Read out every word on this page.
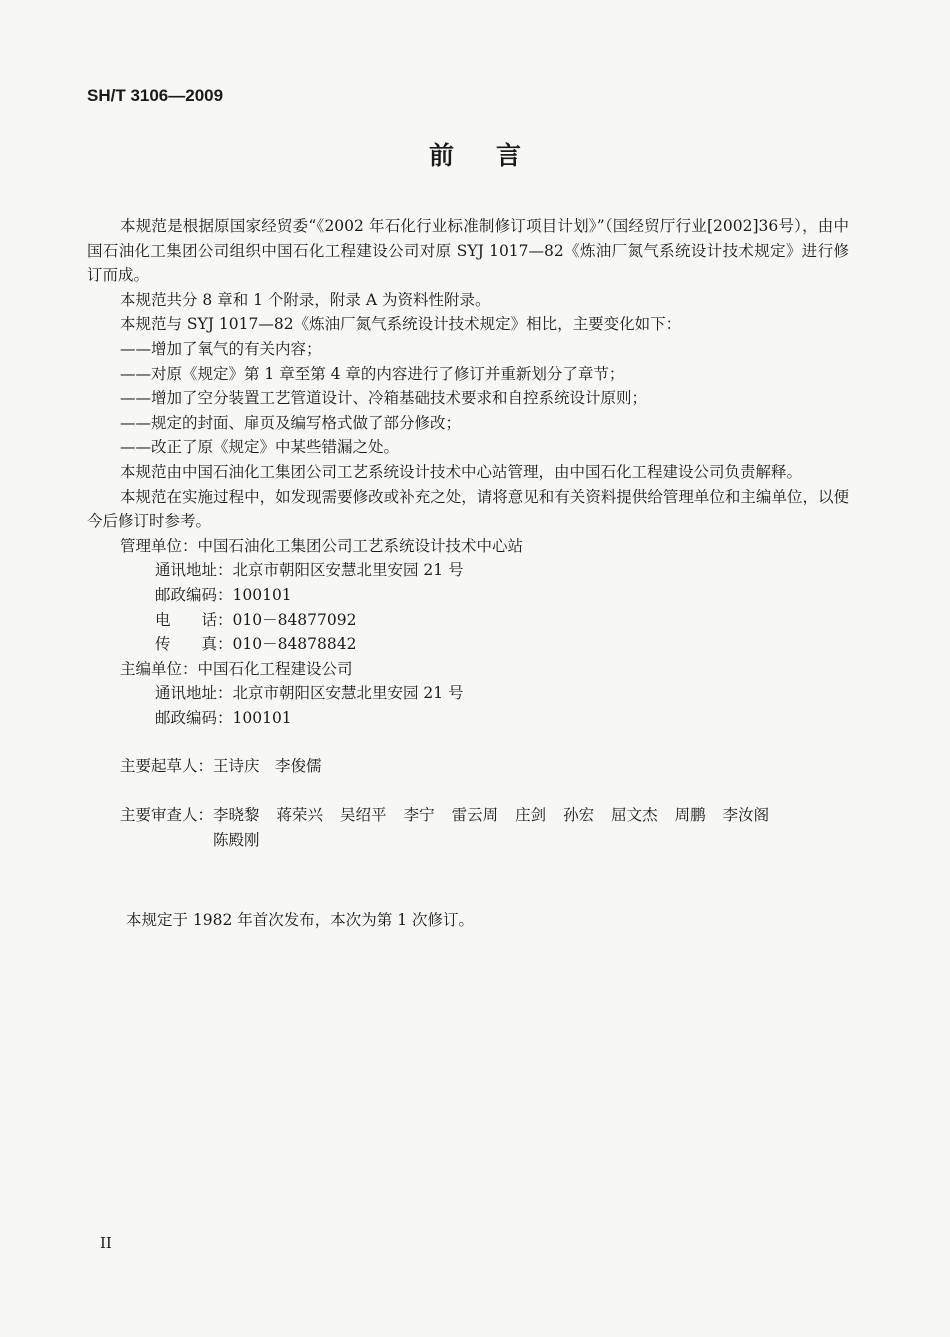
SH/T 3106—2009
前言

本规范是根据原国家经贸委“《2002 年石化行业标准制修订项目计划》”（国经贸厅行业[2002]36号），由中国石油化工集团公司组织中国石化工程建设公司对原 SYJ 1017—82《炼油厂氮气系统设计技术规定》进行修订而成。

本规范共分 8 章和 1 个附录，附录 A 为资料性附录。

本规范与 SYJ 1017—82《炼油厂氮气系统设计技术规定》相比，主要变化如下：

——增加了氧气的有关内容；

——对原《规定》第 1 章至第 4 章的内容进行了修订并重新划分了章节；

——增加了空分装置工艺管道设计、冷箱基础技术要求和自控系统设计原则；

——规定的封面、扉页及编写格式做了部分修改；

——改正了原《规定》中某些错漏之处。

本规范由中国石油化工集团公司工艺系统设计技术中心站管理，由中国石化工程建设公司负责解释。

本规范在实施过程中，如发现需要修改或补充之处，请将意见和有关资料提供给管理单位和主编单位，以便今后修订时参考。

管理单位：中国石油化工集团公司工艺系统设计技术中心站

通讯地址：北京市朝阳区安慧北里安园 21 号

邮政编码：100101

电　　话：010－84877092

传　　真：010－84878842

主编单位：中国石化工程建设公司

通讯地址：北京市朝阳区安慧北里安园 21 号

邮政编码：100101

主要起草人：王诗庆　李俊儒

主要审查人： 李晓黎 蒋荣兴 吴绍平 李宁 雷云周 庄剑 孙宏 屈文杰 周鹏 李汝阁
陈殿刚
本规定于 1982 年首次发布，本次为第 1 次修订。
II
